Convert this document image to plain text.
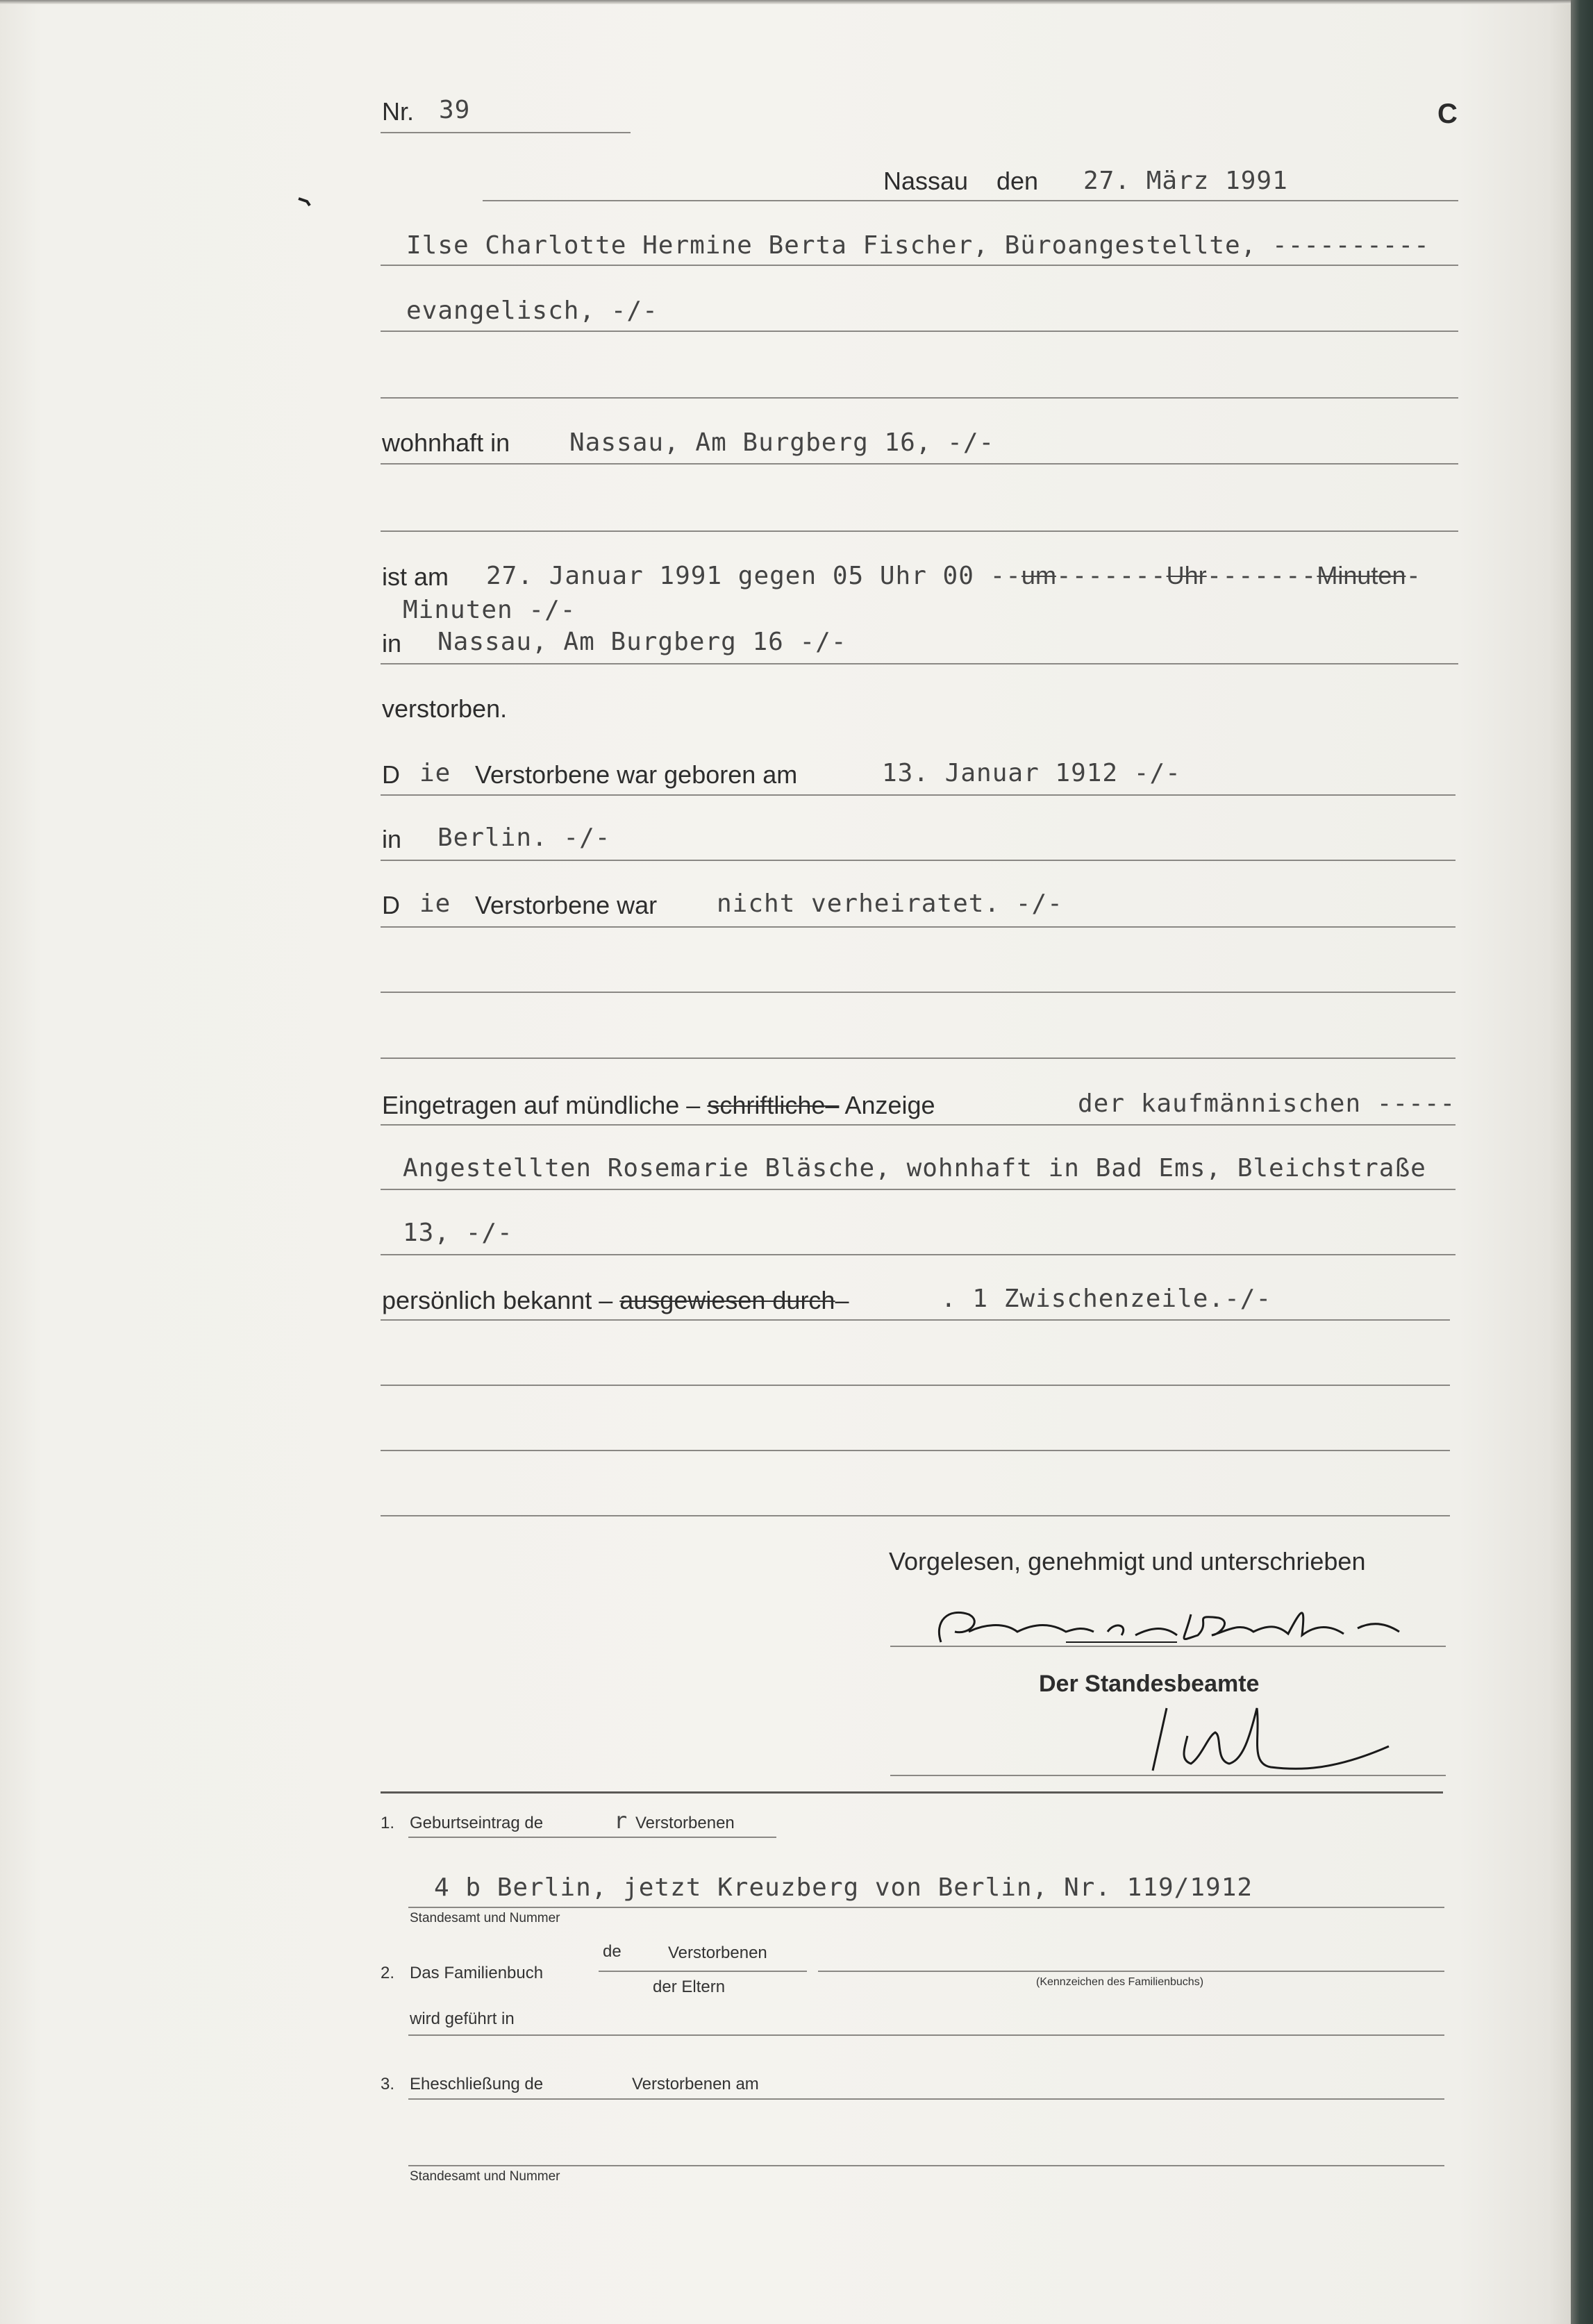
Nr. 39	C
Nassau den 27. März 1991
Ilse Charlotte Hermine Berta Fischer, Büroangestellte, ----------
evangelisch, -/-
wohnhaft in Nassau, Am Burgberg 16, -/-
ist am 27. Januar 1991 gegen 05 Uhr 00 --um-------Uhr-------Minuten-
Minuten -/-
in Nassau, Am Burgberg 16 -/-
verstorben.
D ie Verstorbene war geboren am	13. Januar 1912 -/-
in Berlin. -/-
D ie Verstorbene war nicht verheiratet. -/-
Eingetragen auf mündliche – schriftliche– Anzeige	der kaufmännischen -----
Angestellten Rosemarie Bläsche, wohnhaft in Bad Ems, Bleichstraße
13, -/-
persönlich bekannt – ausgewiesen durch–	. 1 Zwischenzeile.-/-
Vorgelesen, genehmigt und unterschrieben
Der Standesbeamte
1. Geburtseintrag de	r Verstorbenen
4 b Berlin, jetzt Kreuzberg von Berlin, Nr. 119/1912
Standesamt und Nummer
2. Das Familienbuch
de	Verstorbenen
der Eltern	(Kennzeichen des Familienbuchs)
wird geführt in
3. Eheschließung de	Verstorbenen am
Standesamt und Nummer
